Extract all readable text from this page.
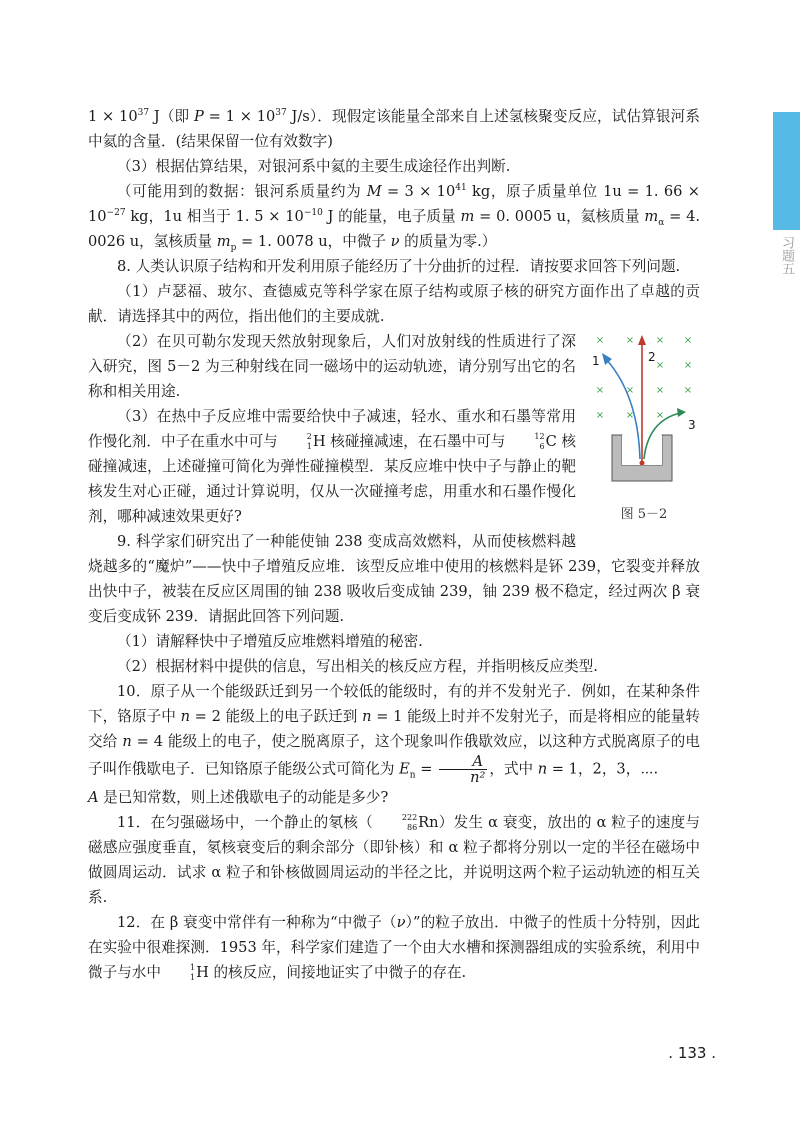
习题五

$1 \times 10^{37}$ J（即 $P = 1 \times 10^{37}$ J/s）．现假定该能量全部来自上述氢核聚变反应，试估算银河系中氦的含量．(结果保留一位有效数字)

（3）根据估算结果，对银河系中氦的主要生成途径作出判断.

（可能用到的数据：银河系质量约为 $M = 3 \times 10^{41}$ kg，原子质量单位 1u = 1. $66 \times 10^{-27}$ kg，1u 相当于 1. $5 \times 10^{-10}$ J 的能量，电子质量 m = 0. 0005 u，氦核质量 $m_\alpha = 4$. 0026 u，氢核质量 $m_p = 1$. 0078 u，中微子 ν 的质量为零.）

8. 人类认识原子结构和开发利用原子能经历了十分曲折的过程．请按要求回答下列问题.

（1）卢瑟福、玻尔、查德威克等科学家在原子结构或原子核的研究方面作出了卓越的贡献．请选择其中的两位，指出他们的主要成就.

× × × ×
× ×
× × × ×
× × ×
1	2
3
图 5－2

（2）在贝可勒尔发现天然放射现象后，人们对放射线的性质进行了深入研究，图 5－2 为三种射线在同一磁场中的运动轨迹，请分别写出它的名称和相关用途.

（3）在热中子反应堆中需要给快中子减速，轻水、重水和石墨等常用作慢化剂．中子在重水中可与	2
1 H 核碰撞减速，在石墨中可与	12
6 C 核碰撞减速，上述碰撞可简化为弹性碰撞模型．某反应堆中快中子与静止的靶核发生对心正碰，通过计算说明，仅从一次碰撞考虑，用重水和石墨作慢化剂，哪种减速效果更好?

9. 科学家们研究出了一种能使铀 238 变成高效燃料，从而使核燃料越烧越多的“魔炉”——快中子增殖反应堆．该型反应堆中使用的核燃料是钚 239，它裂变并释放出快中子，被装在反应区周围的铀 238 吸收后变成铀 239，铀 239 极不稳定，经过两次 β 衰变后变成钚 239．请据此回答下列问题.

（1）请解释快中子增殖反应堆燃料增殖的秘密.

（2）根据材料中提供的信息，写出相关的核反应方程，并指明核反应类型.

10．原子从一个能级跃迁到另一个较低的能级时，有的并不发射光子．例如，在某种条件下，铬原子中 n = 2 能级上的电子跃迁到 n = 1 能级上时并不发射光子，而是将相应的能量转交给 n = 4 能级上的电子，使之脱离原子，这个现象叫作俄歇效应，以这种方式脱离原子的电子叫作俄歇电子．已知铬原子能级公式可简化为 $E_n = \frac{A}{\text{n²}}$ ，式中 n = 1，2，3，⋯.

A 是已知常数，则上述俄歇电子的动能是多少?

11．在匀强磁场中，一个静止的氡核（	222
86 Rn）发生 α 衰变，放出的 α 粒子的速度与磁感应强度垂直，氡核衰变后的剩余部分（即钋核）和 α 粒子都将分别以一定的半径在磁场中做圆周运动．试求 α 粒子和钋核做圆周运动的半径之比，并说明这两个粒子运动轨迹的相互关系.

12．在 β 衰变中常伴有一种称为“中微子（ν）”的粒子放出．中微子的性质十分特别，因此在实验中很难探测．1953 年，科学家们建造了一个由大水槽和探测器组成的实验系统，利用中微子与水中	1
1 H 的核反应，间接地证实了中微子的存在.

. 133 .
